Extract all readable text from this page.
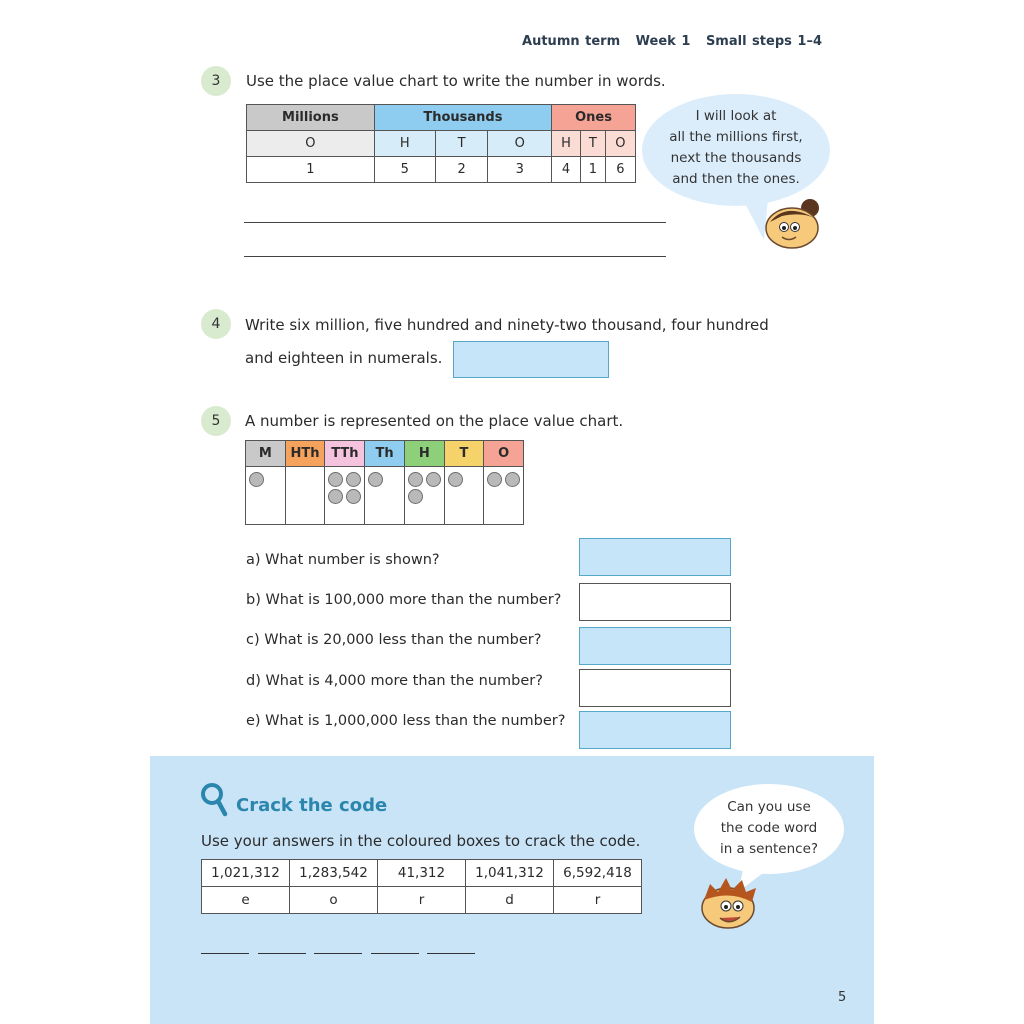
Autumn term Week 1 Small steps 1–4
3	Use the place value chart to write the number in words.
Millions	Thousands			Ones		
O	H	T	O	H	T	O
1	5	2	3	4	1	6
I will look at
all the millions first,
next the thousands
and then the ones.
4	Write six million, five hundred and ninety-two thousand, four hundred
and eighteen in numerals.
5	A number is represented on the place value chart.
M	HTh	TTh	Th	H	T	O

a) What number is shown?
b) What is 100,000 more than the number?
c) What is 20,000 less than the number?
d) What is 4,000 more than the number?
e) What is 1,000,000 less than the number?
Crack the code
Use your answers in the coloured boxes to crack the code.
1,021,312	1,283,542	41,312	1,041,312	6,592,418
e	o	r	d	r
Can you use
the code word
in a sentence?
5
